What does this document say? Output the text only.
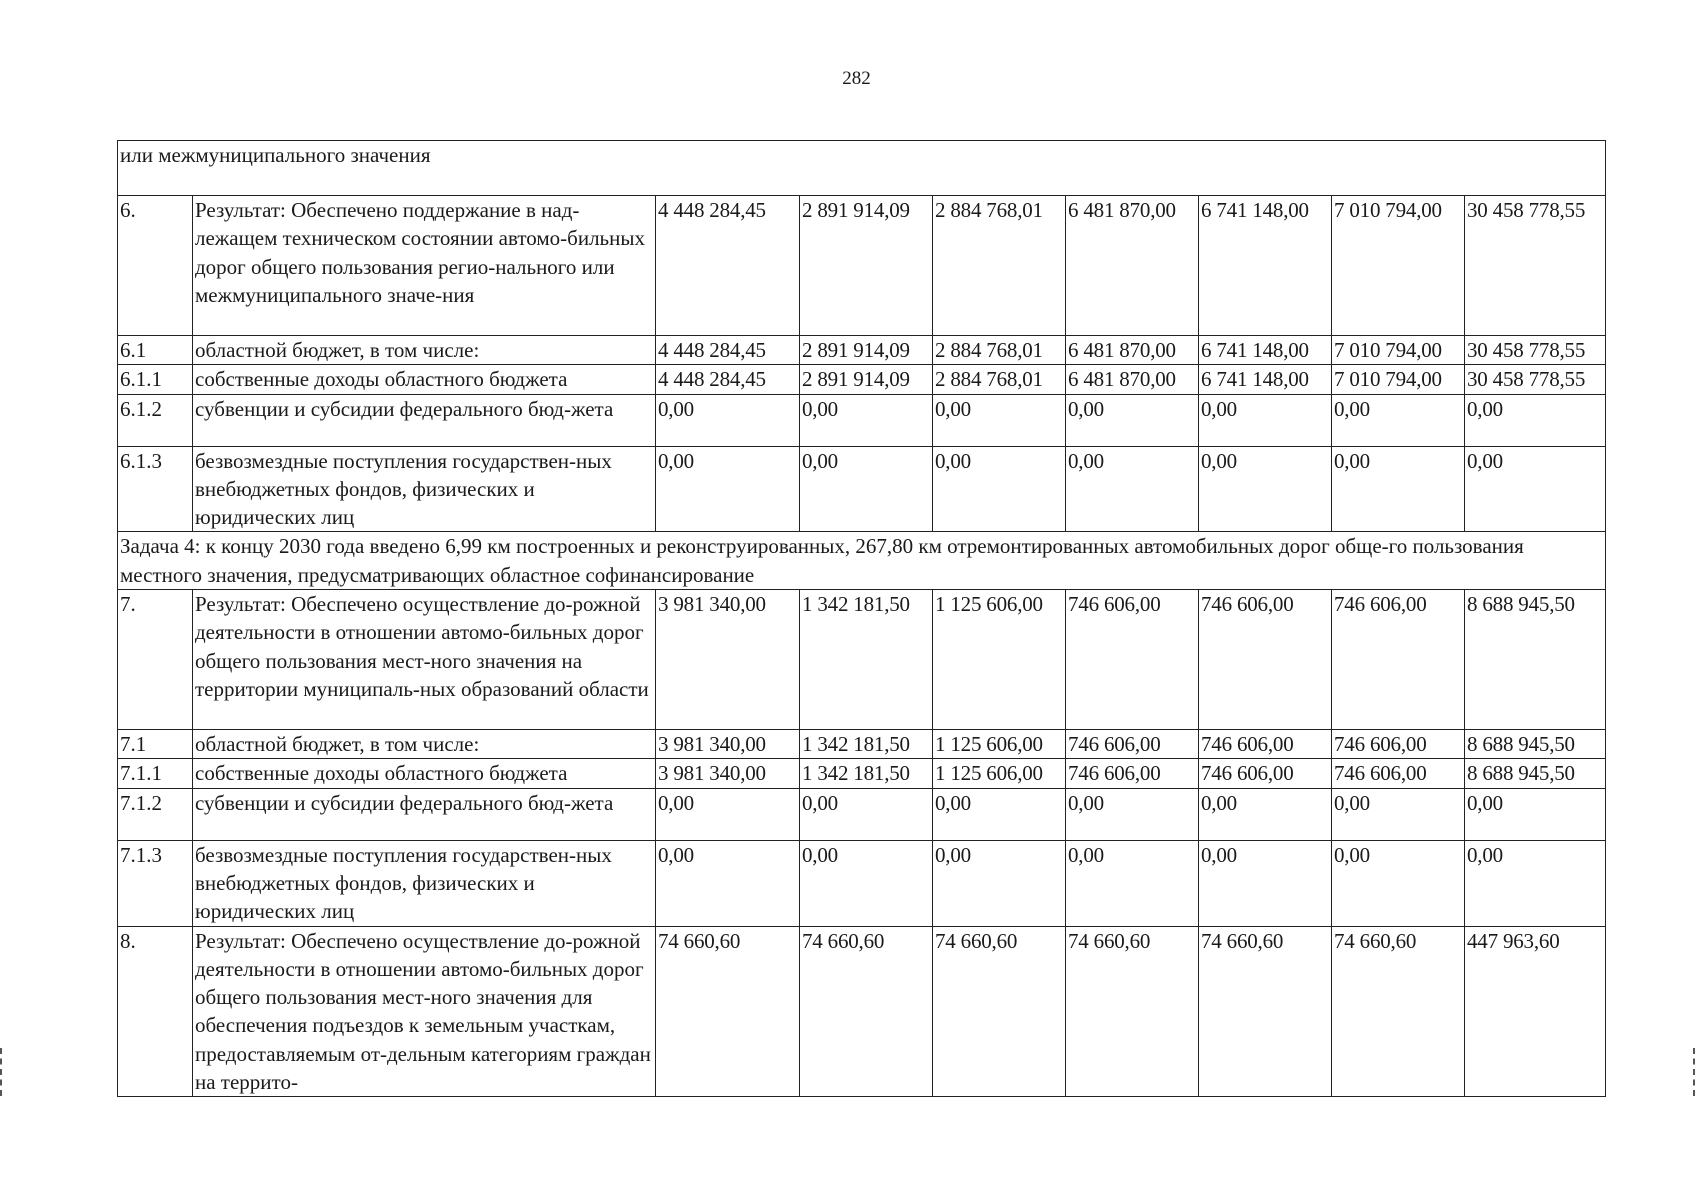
282
или межмуниципального значения								
6.	Результат: Обеспечено поддержание в над-лежащем техническом состоянии автомо-бильных дорог общего пользования регио-нального или межмуниципального значе-ния	4 448 284,45	2 891 914,09	2 884 768,01	6 481 870,00	6 741 148,00	7 010 794,00	30 458 778,55
6.1	областной бюджет, в том числе:	4 448 284,45	2 891 914,09	2 884 768,01	6 481 870,00	6 741 148,00	7 010 794,00	30 458 778,55
6.1.1	собственные доходы областного бюджета	4 448 284,45	2 891 914,09	2 884 768,01	6 481 870,00	6 741 148,00	7 010 794,00	30 458 778,55
6.1.2	субвенции и субсидии федерального бюд-жета	0,00	0,00	0,00	0,00	0,00	0,00	0,00
6.1.3	безвозмездные поступления государствен-ных внебюджетных фондов, физических и юридических лиц	0,00	0,00	0,00	0,00	0,00	0,00	0,00
Задача 4: к концу 2030 года введено 6,99 км построенных и реконструированных, 267,80 км отремонтированных автомобильных дорог обще-го пользования местного значения, предусматривающих областное софинансирование								
7.	Результат: Обеспечено осуществление до-рожной деятельности в отношении автомо-бильных дорог общего пользования мест-ного значения на территории муниципаль-ных образований области	3 981 340,00	1 342 181,50	1 125 606,00	746 606,00	746 606,00	746 606,00	8 688 945,50
7.1	областной бюджет, в том числе:	3 981 340,00	1 342 181,50	1 125 606,00	746 606,00	746 606,00	746 606,00	8 688 945,50
7.1.1	собственные доходы областного бюджета	3 981 340,00	1 342 181,50	1 125 606,00	746 606,00	746 606,00	746 606,00	8 688 945,50
7.1.2	субвенции и субсидии федерального бюд-жета	0,00	0,00	0,00	0,00	0,00	0,00	0,00
7.1.3	безвозмездные поступления государствен-ных внебюджетных фондов, физических и юридических лиц	0,00	0,00	0,00	0,00	0,00	0,00	0,00
8.	Результат: Обеспечено осуществление до-рожной деятельности в отношении автомо-бильных дорог общего пользования мест-ного значения для обеспечения подъездов к земельным участкам, предоставляемым от-дельным категориям граждан на террито-	74 660,60	74 660,60	74 660,60	74 660,60	74 660,60	74 660,60	447 963,60
